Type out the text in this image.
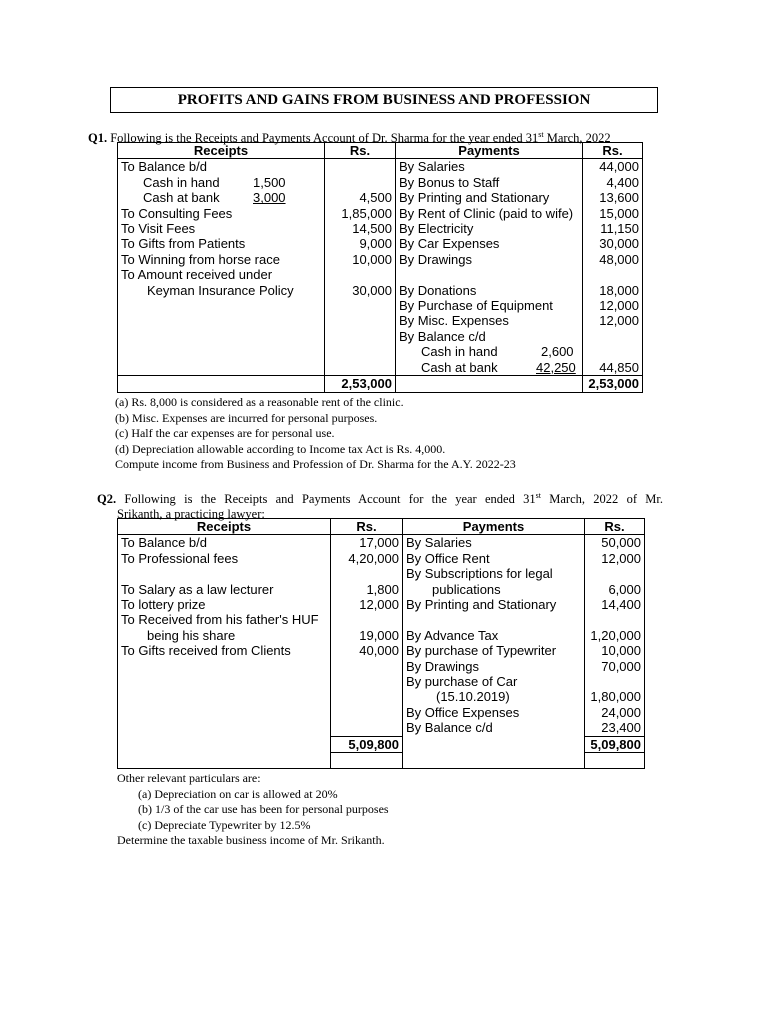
PROFITS AND GAINS FROM BUSINESS AND PROFESSION
Q1. Following is the Receipts and Payments Account of Dr. Sharma for the year ended 31st March, 2022
Receipts	Rs.	Payments	Rs.
To Balance b/d		By Salaries	44,000
Cash in hand 1,500		By Bonus to Staff	4,400
Cash at bank 3,000	4,500	By Printing and Stationary	13,600
To Consulting Fees	1,85,000	By Rent of Clinic (paid to wife)	15,000
To Visit Fees	14,500	By Electricity	11,150
To Gifts from Patients	9,000	By Car Expenses	30,000
To Winning from horse race	10,000	By Drawings	48,000
To Amount received under			
Keyman Insurance Policy	30,000	By Donations	18,000
		By Purchase of Equipment	12,000
		By Misc. Expenses	12,000
		By Balance c/d	
		Cash in hand 2,600	
		Cash at bank 42,250	44,850
	2,53,000		2,53,000
(a) Rs. 8,000 is considered as a reasonable rent of the clinic.
(b) Misc. Expenses are incurred for personal purposes.
(c) Half the car expenses are for personal use.
(d) Depreciation allowable according to Income tax Act is Rs. 4,000.
Compute income from Business and Profession of Dr. Sharma for the A.Y. 2022-23
Q2. Following is the Receipts and Payments Account for the year ended 31st March, 2022 of Mr.
Srikanth, a practicing lawyer:
Receipts	Rs.	Payments	Rs.
To Balance b/d	17,000	By Salaries	50,000
To Professional fees	4,20,000	By Office Rent	12,000
		By Subscriptions for legal	
To Salary as a law lecturer	1,800	publications	6,000
To lottery prize	12,000	By Printing and Stationary	14,400
To Received from his father's HUF			
being his share	19,000	By Advance Tax	1,20,000
To Gifts received from Clients	40,000	By purchase of Typewriter	10,000
		By Drawings	70,000
		By purchase of Car	
		(15.10.2019)	1,80,000
		By Office Expenses	24,000
		By Balance c/d	23,400
	5,09,800		5,09,800

Other relevant particulars are:
(a) Depreciation on car is allowed at 20%
(b) 1/3 of the car use has been for personal purposes
(c) Depreciate Typewriter by 12.5%
Determine the taxable business income of Mr. Srikanth.
